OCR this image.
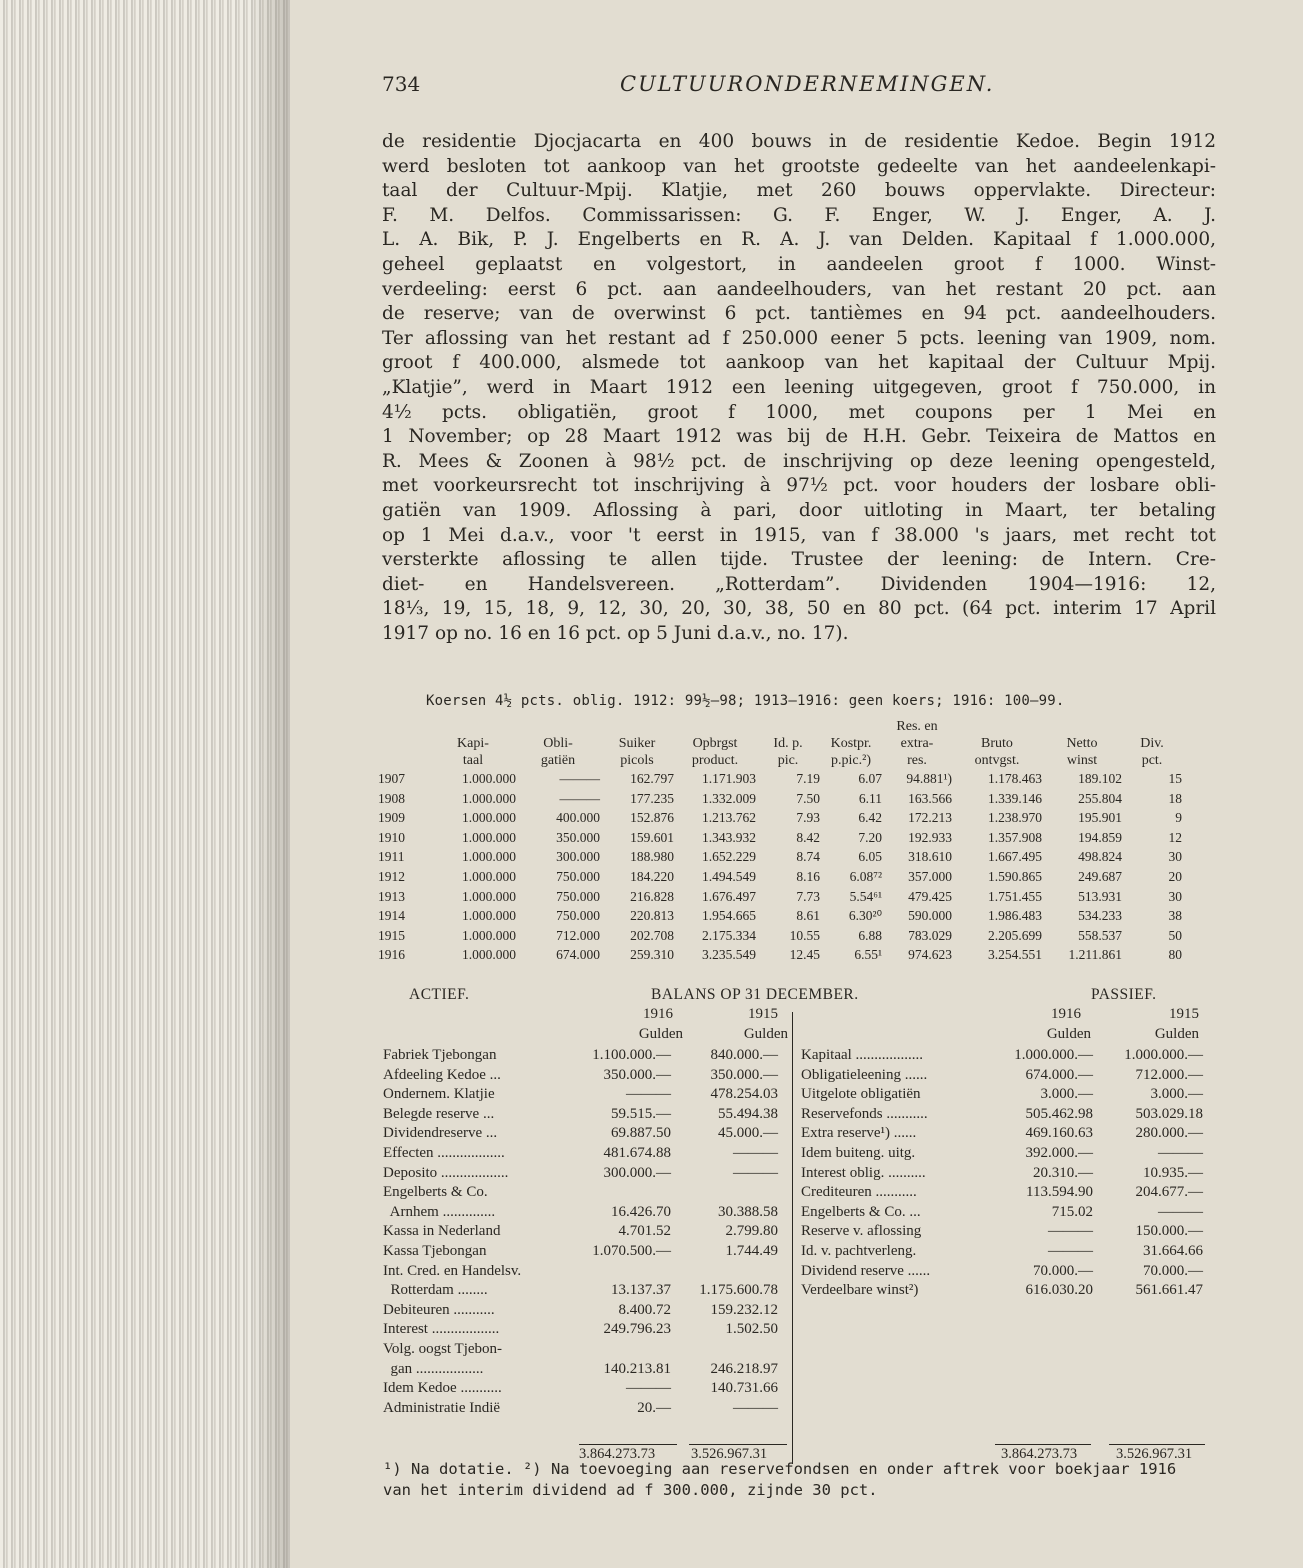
734	CULTUURONDERNEMINGEN.
de residentie Djocjacarta en 400 bouws in de residentie Kedoe. Begin 1912
werd besloten tot aankoop van het grootste gedeelte van het aandeelenkapi-
taal der Cultuur-Mpij. Klatjie, met 260 bouws oppervlakte. Directeur:
F. M. Delfos. Commissarissen: G. F. Enger, W. J. Enger, A. J.
L. A. Bik, P. J. Engelberts en R. A. J. van Delden. Kapitaal f 1.000.000,
geheel geplaatst en volgestort, in aandeelen groot f 1000. Winst-
verdeeling: eerst 6 pct. aan aandeelhouders, van het restant 20 pct. aan
de reserve; van de overwinst 6 pct. tantièmes en 94 pct. aandeelhouders.
Ter aflossing van het restant ad f 250.000 eener 5 pcts. leening van 1909, nom.
groot f 400.000, alsmede tot aankoop van het kapitaal der Cultuur Mpij.
„Klatjie”, werd in Maart 1912 een leening uitgegeven, groot f 750.000, in
4½ pcts. obligatiën, groot f 1000, met coupons per 1 Mei en
1 November; op 28 Maart 1912 was bij de H.H. Gebr. Teixeira de Mattos en
R. Mees & Zoonen à 98½ pct. de inschrijving op deze leening opengesteld,
met voorkeursrecht tot inschrijving à 97½ pct. voor houders der losbare obli-
gatiën van 1909. Aflossing à pari, door uitloting in Maart, ter betaling
op 1 Mei d.a.v., voor 't eerst in 1915, van f 38.000 's jaars, met recht tot
versterkte aflossing te allen tijde. Trustee der leening: de Intern. Cre-
diet- en Handelsvereen. „Rotterdam”. Dividenden 1904—1916: 12,
18⅓, 19, 15, 18, 9, 12, 30, 20, 30, 38, 50 en 80 pct. (64 pct. interim 17 April
1917 op no. 16 en 16 pct. op 5 Juni d.a.v., no. 17).
Koersen 4½ pcts. oblig. 1912: 99½—98; 1913—1916: geen koers; 1916: 100—99.
							Res. en			
	Kapi-	Obli-	Suiker	Opbrgst	Id. p.	Kostpr.	extra-	Bruto	Netto	Div.
	taal	gatiën	picols	product.	pic.	p.pic.²)	res.	ontvgst.	winst	pct.
1907	1.000.000	———	162.797	1.171.903	7.19	6.07	94.881¹)	1.178.463	189.102	15
1908	1.000.000	———	177.235	1.332.009	7.50	6.11	163.566	1.339.146	255.804	18
1909	1.000.000	400.000	152.876	1.213.762	7.93	6.42	172.213	1.238.970	195.901	9
1910	1.000.000	350.000	159.601	1.343.932	8.42	7.20	192.933	1.357.908	194.859	12
1911	1.000.000	300.000	188.980	1.652.229	8.74	6.05	318.610	1.667.495	498.824	30
1912	1.000.000	750.000	184.220	1.494.549	8.16	6.08⁷²	357.000	1.590.865	249.687	20
1913	1.000.000	750.000	216.828	1.676.497	7.73	5.54⁶¹	479.425	1.751.455	513.931	30
1914	1.000.000	750.000	220.813	1.954.665	8.61	6.30²⁰	590.000	1.986.483	534.233	38
1915	1.000.000	712.000	202.708	2.175.334	10.55	6.88	783.029	2.205.699	558.537	50
1916	1.000.000	674.000	259.310	3.235.549	12.45	6.55¹	974.623	3.254.551	1.211.861	80
ACTIEF.	BALANS OP 31 DECEMBER.	PASSIEF.
1916	1915	1916	1915
Gulden	Gulden	Gulden	Gulden
Fabriek Tjebongan	1.100.000.—	840.000.—
Afdeeling Kedoe ...	350.000.—	350.000.—
Ondernem. Klatjie	———	478.254.03
Belegde reserve ...	59.515.—	55.494.38
Dividendreserve ...	69.887.50	45.000.—
Effecten ..................	481.674.88	———
Deposito ..................	300.000.—	———
Engelberts & Co.
Arnhem ..............	16.426.70	30.388.58
Kassa in Nederland	4.701.52	2.799.80
Kassa Tjebongan	1.070.500.—	1.744.49
Int. Cred. en Handelsv.
Rotterdam ........	13.137.37 1.175.600.78
Debiteuren ...........	8.400.72	159.232.12
Interest ..................	249.796.23	1.502.50
Volg. oogst Tjebon-
gan ..................	140.213.81	246.218.97
Idem Kedoe ...........	———	140.731.66
Administratie Indië	20.—	———
Kapitaal ..................	1.000.000.— 1.000.000.—
Obligatieleening ......	674.000.—	712.000.—
Uitgelote obligatiën	3.000.—	3.000.—
Reservefonds ...........	505.462.98	503.029.18
Extra reserve¹) ......	469.160.63	280.000.—
Idem buiteng. uitg.	392.000.—	———
Interest oblig. ..........	20.310.—	10.935.—
Crediteuren ...........	113.594.90	204.677.—
Engelberts & Co. ...	715.02	———
Reserve v. aflossing	———	150.000.—
Id. v. pachtverleng.	———	31.664.66
Dividend reserve ......	70.000.—	70.000.—
Verdeelbare winst²)	616.030.20	561.661.47
3.864.273.73 3.526.967.31	3.864.273.73	3.526.967.31
¹) Na dotatie. ²) Na toevoeging aan reservefondsen en onder aftrek voor boekjaar 1916 van het interim dividend ad f 300.000, zijnde 30 pct.
